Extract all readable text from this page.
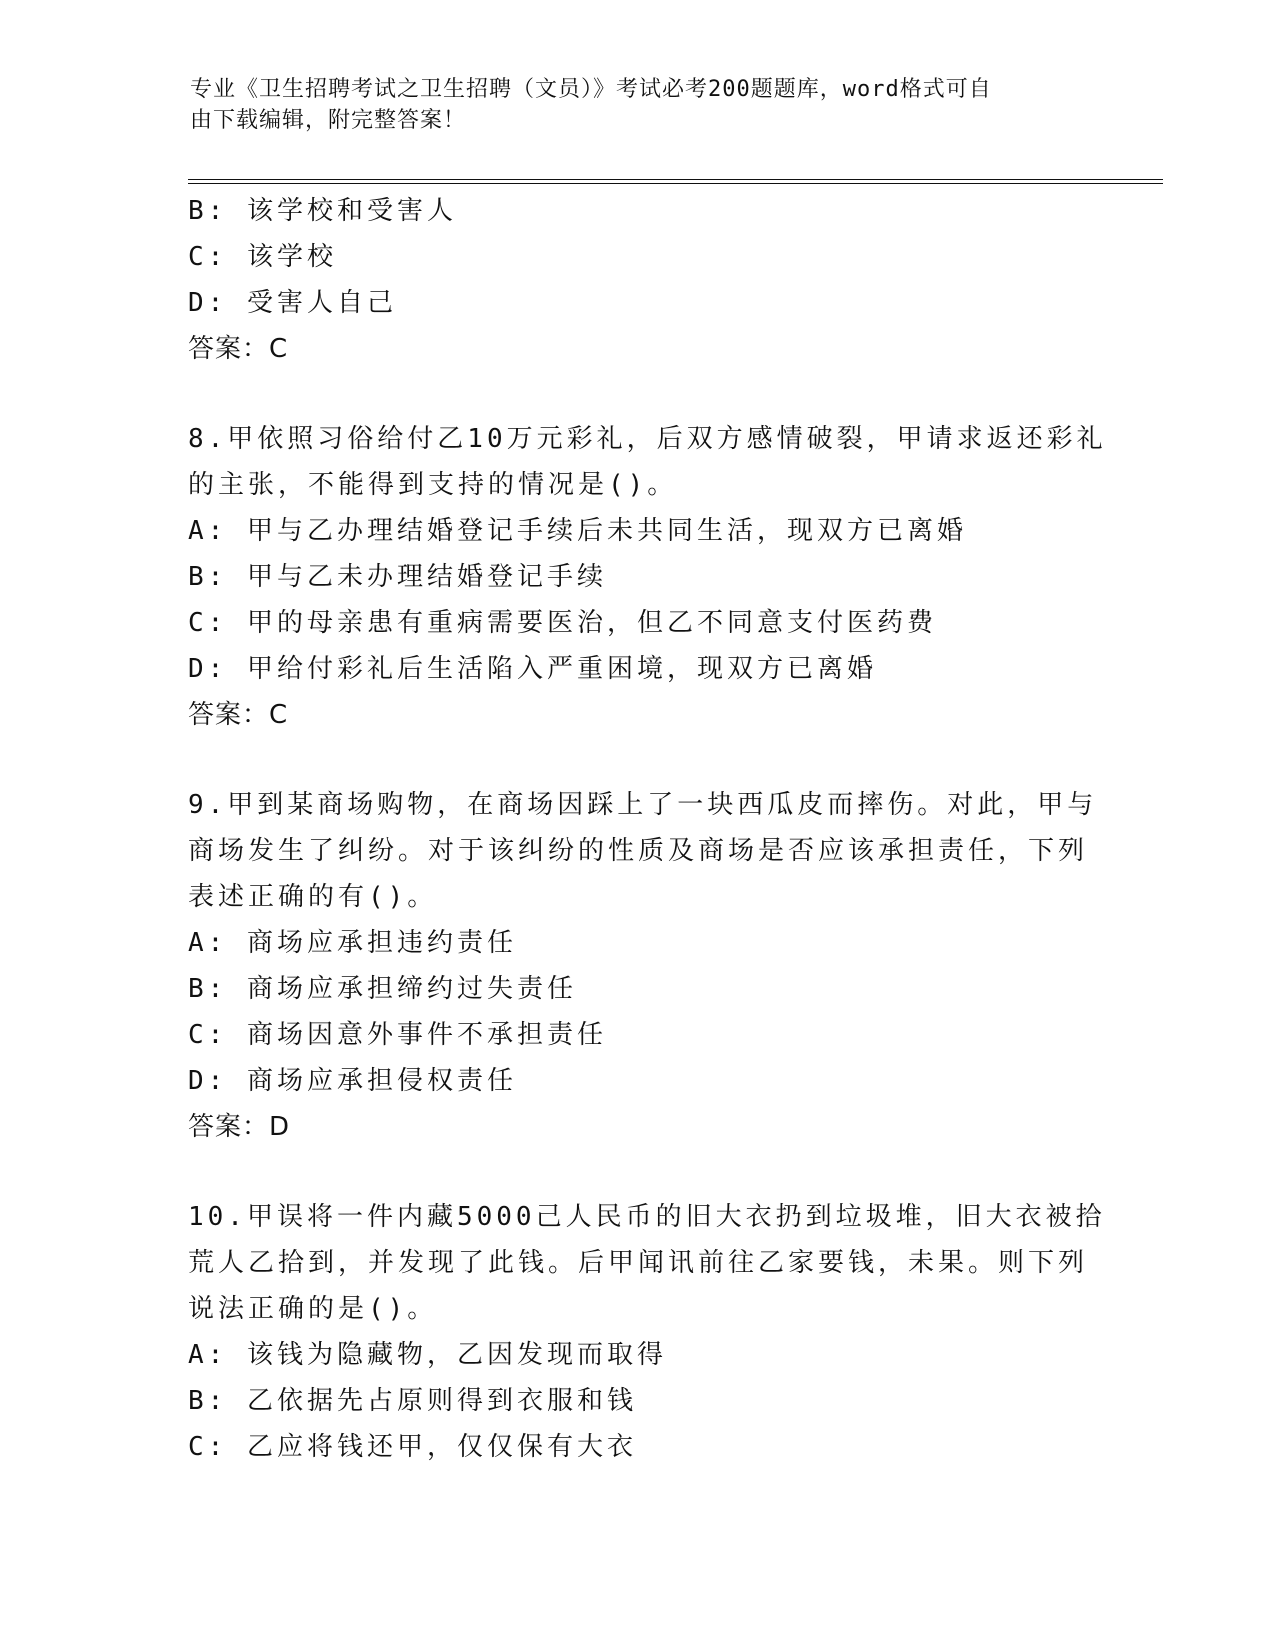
专业《卫生招聘考试之卫生招聘（文员）》考试必考200题题库，word格式可自
由下载编辑，附完整答案！
B: 该学校和受害人
C: 该学校
D: 受害人自己
答案：C
8.甲依照习俗给付乙10万元彩礼，后双方感情破裂，甲请求返还彩礼
的主张，不能得到支持的情况是()。
A: 甲与乙办理结婚登记手续后未共同生活，现双方已离婚
B: 甲与乙未办理结婚登记手续
C: 甲的母亲患有重病需要医治，但乙不同意支付医药费
D: 甲给付彩礼后生活陷入严重困境，现双方已离婚
答案：C
9.甲到某商场购物，在商场因踩上了一块西瓜皮而摔伤。对此，甲与
商场发生了纠纷。对于该纠纷的性质及商场是否应该承担责任，下列
表述正确的有()。
A: 商场应承担违约责任
B: 商场应承担缔约过失责任
C: 商场因意外事件不承担责任
D: 商场应承担侵权责任
答案：D
10.甲误将一件内藏5000己人民币的旧大衣扔到垃圾堆，旧大衣被拾
荒人乙拾到，并发现了此钱。后甲闻讯前往乙家要钱，未果。则下列
说法正确的是()。
A: 该钱为隐藏物，乙因发现而取得
B: 乙依据先占原则得到衣服和钱
C: 乙应将钱还甲，仅仅保有大衣
